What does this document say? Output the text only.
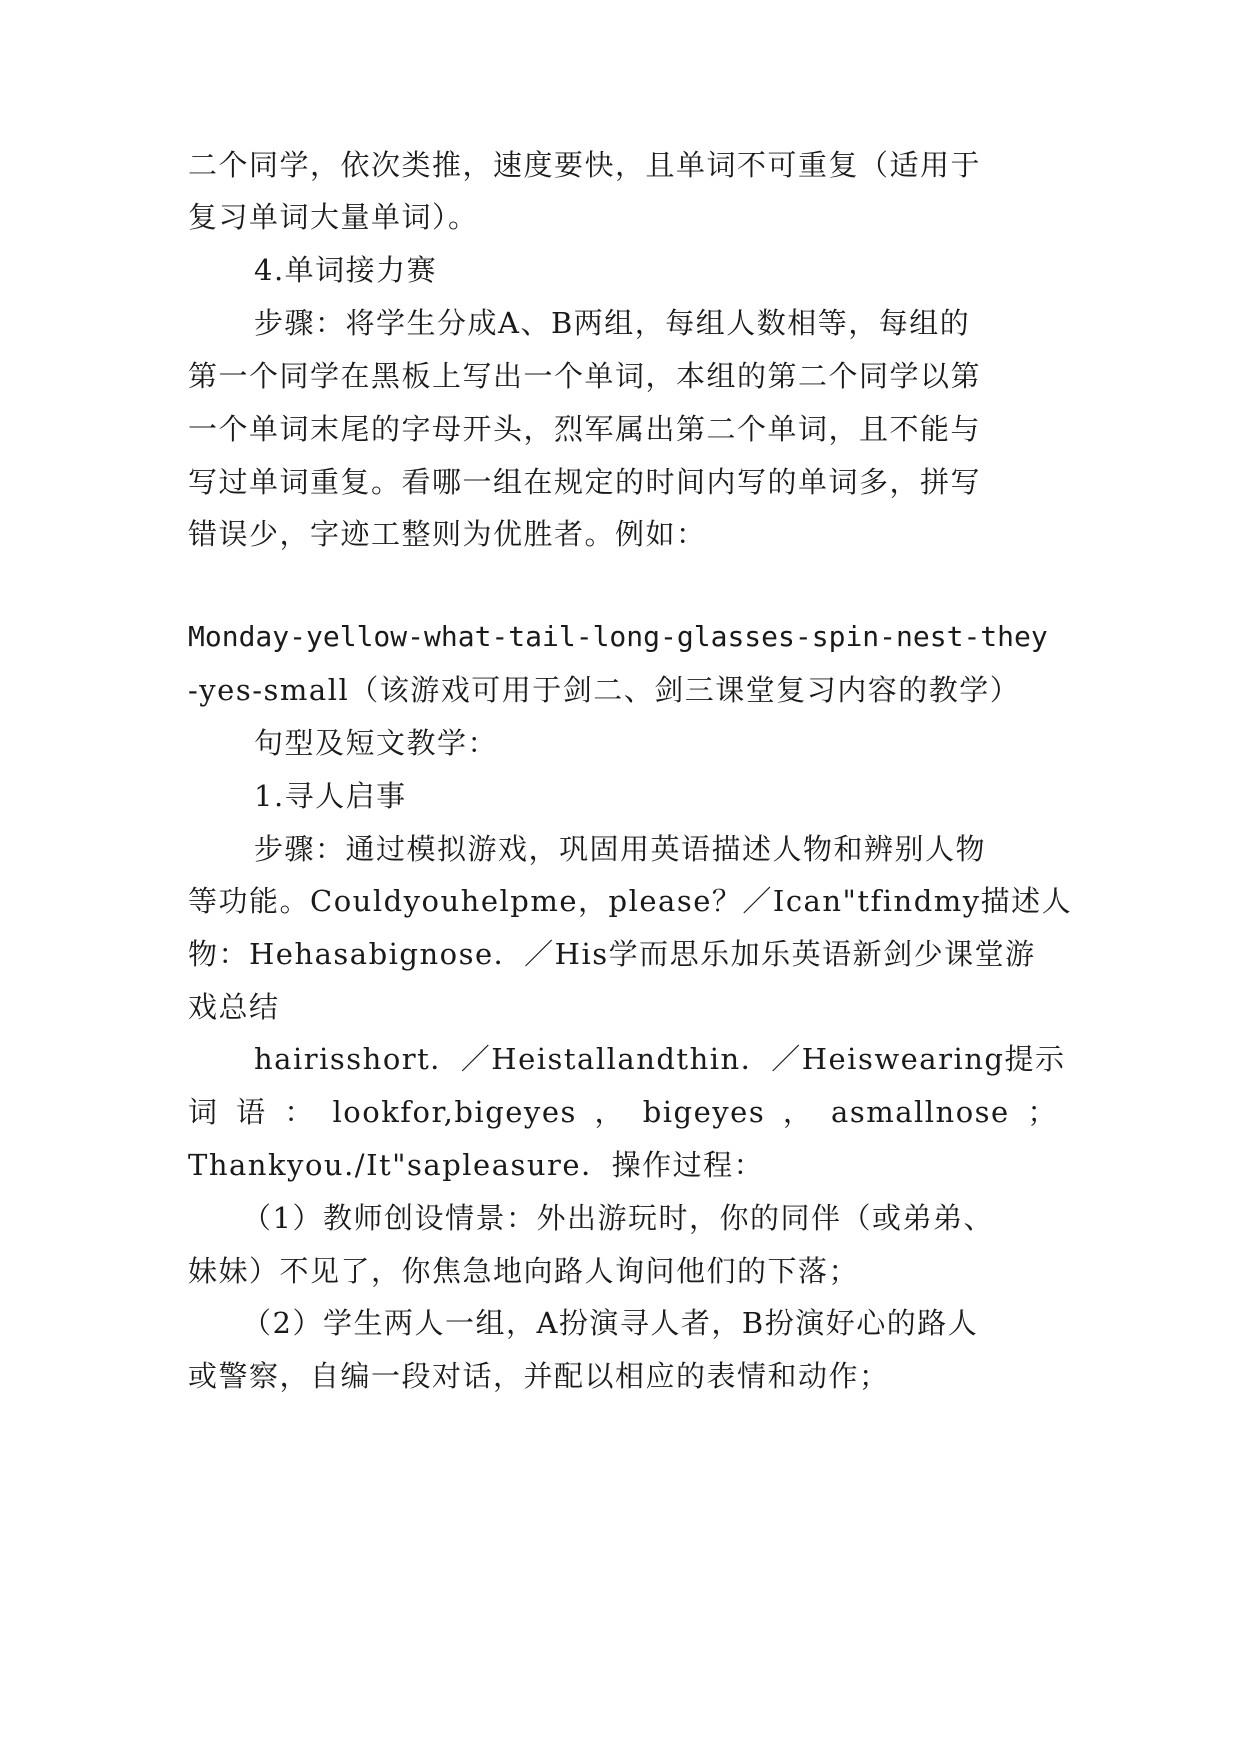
二个同学，依次类推，速度要快，且单词不可重复（适用于
复习单词大量单词）。
4.单词接力赛
步骤：将学生分成A、B两组，每组人数相等，每组的
第一个同学在黑板上写出一个单词，本组的第二个同学以第
一个单词末尾的字母开头，烈军属出第二个单词，且不能与
写过单词重复。看哪一组在规定的时间内写的单词多，拼写
错误少，字迹工整则为优胜者。例如：
Monday-yellow-what-tail-long-glasses-spin-nest-they
-yes-small（该游戏可用于剑二、剑三课堂复习内容的教学）
句型及短文教学：
1.寻人启事
步骤：通过模拟游戏，巩固用英语描述人物和辨别人物
等功能。Couldyouhelpme，please？／Ican"tfindmy描述人
物：Hehasabignose．／His学而思乐加乐英语新剑少课堂游
戏总结
hairisshort．／Heistallandthin．／Heiswearing提示
词 语 ： lookfor,bigeyes ， bigeyes ， asmallnose ；
Thankyou./It"sapleasure．操作过程：
（1）教师创设情景：外出游玩时，你的同伴（或弟弟、
妹妹）不见了，你焦急地向路人询问他们的下落；
（2）学生两人一组，A扮演寻人者，B扮演好心的路人
或警察，自编一段对话，并配以相应的表情和动作；
